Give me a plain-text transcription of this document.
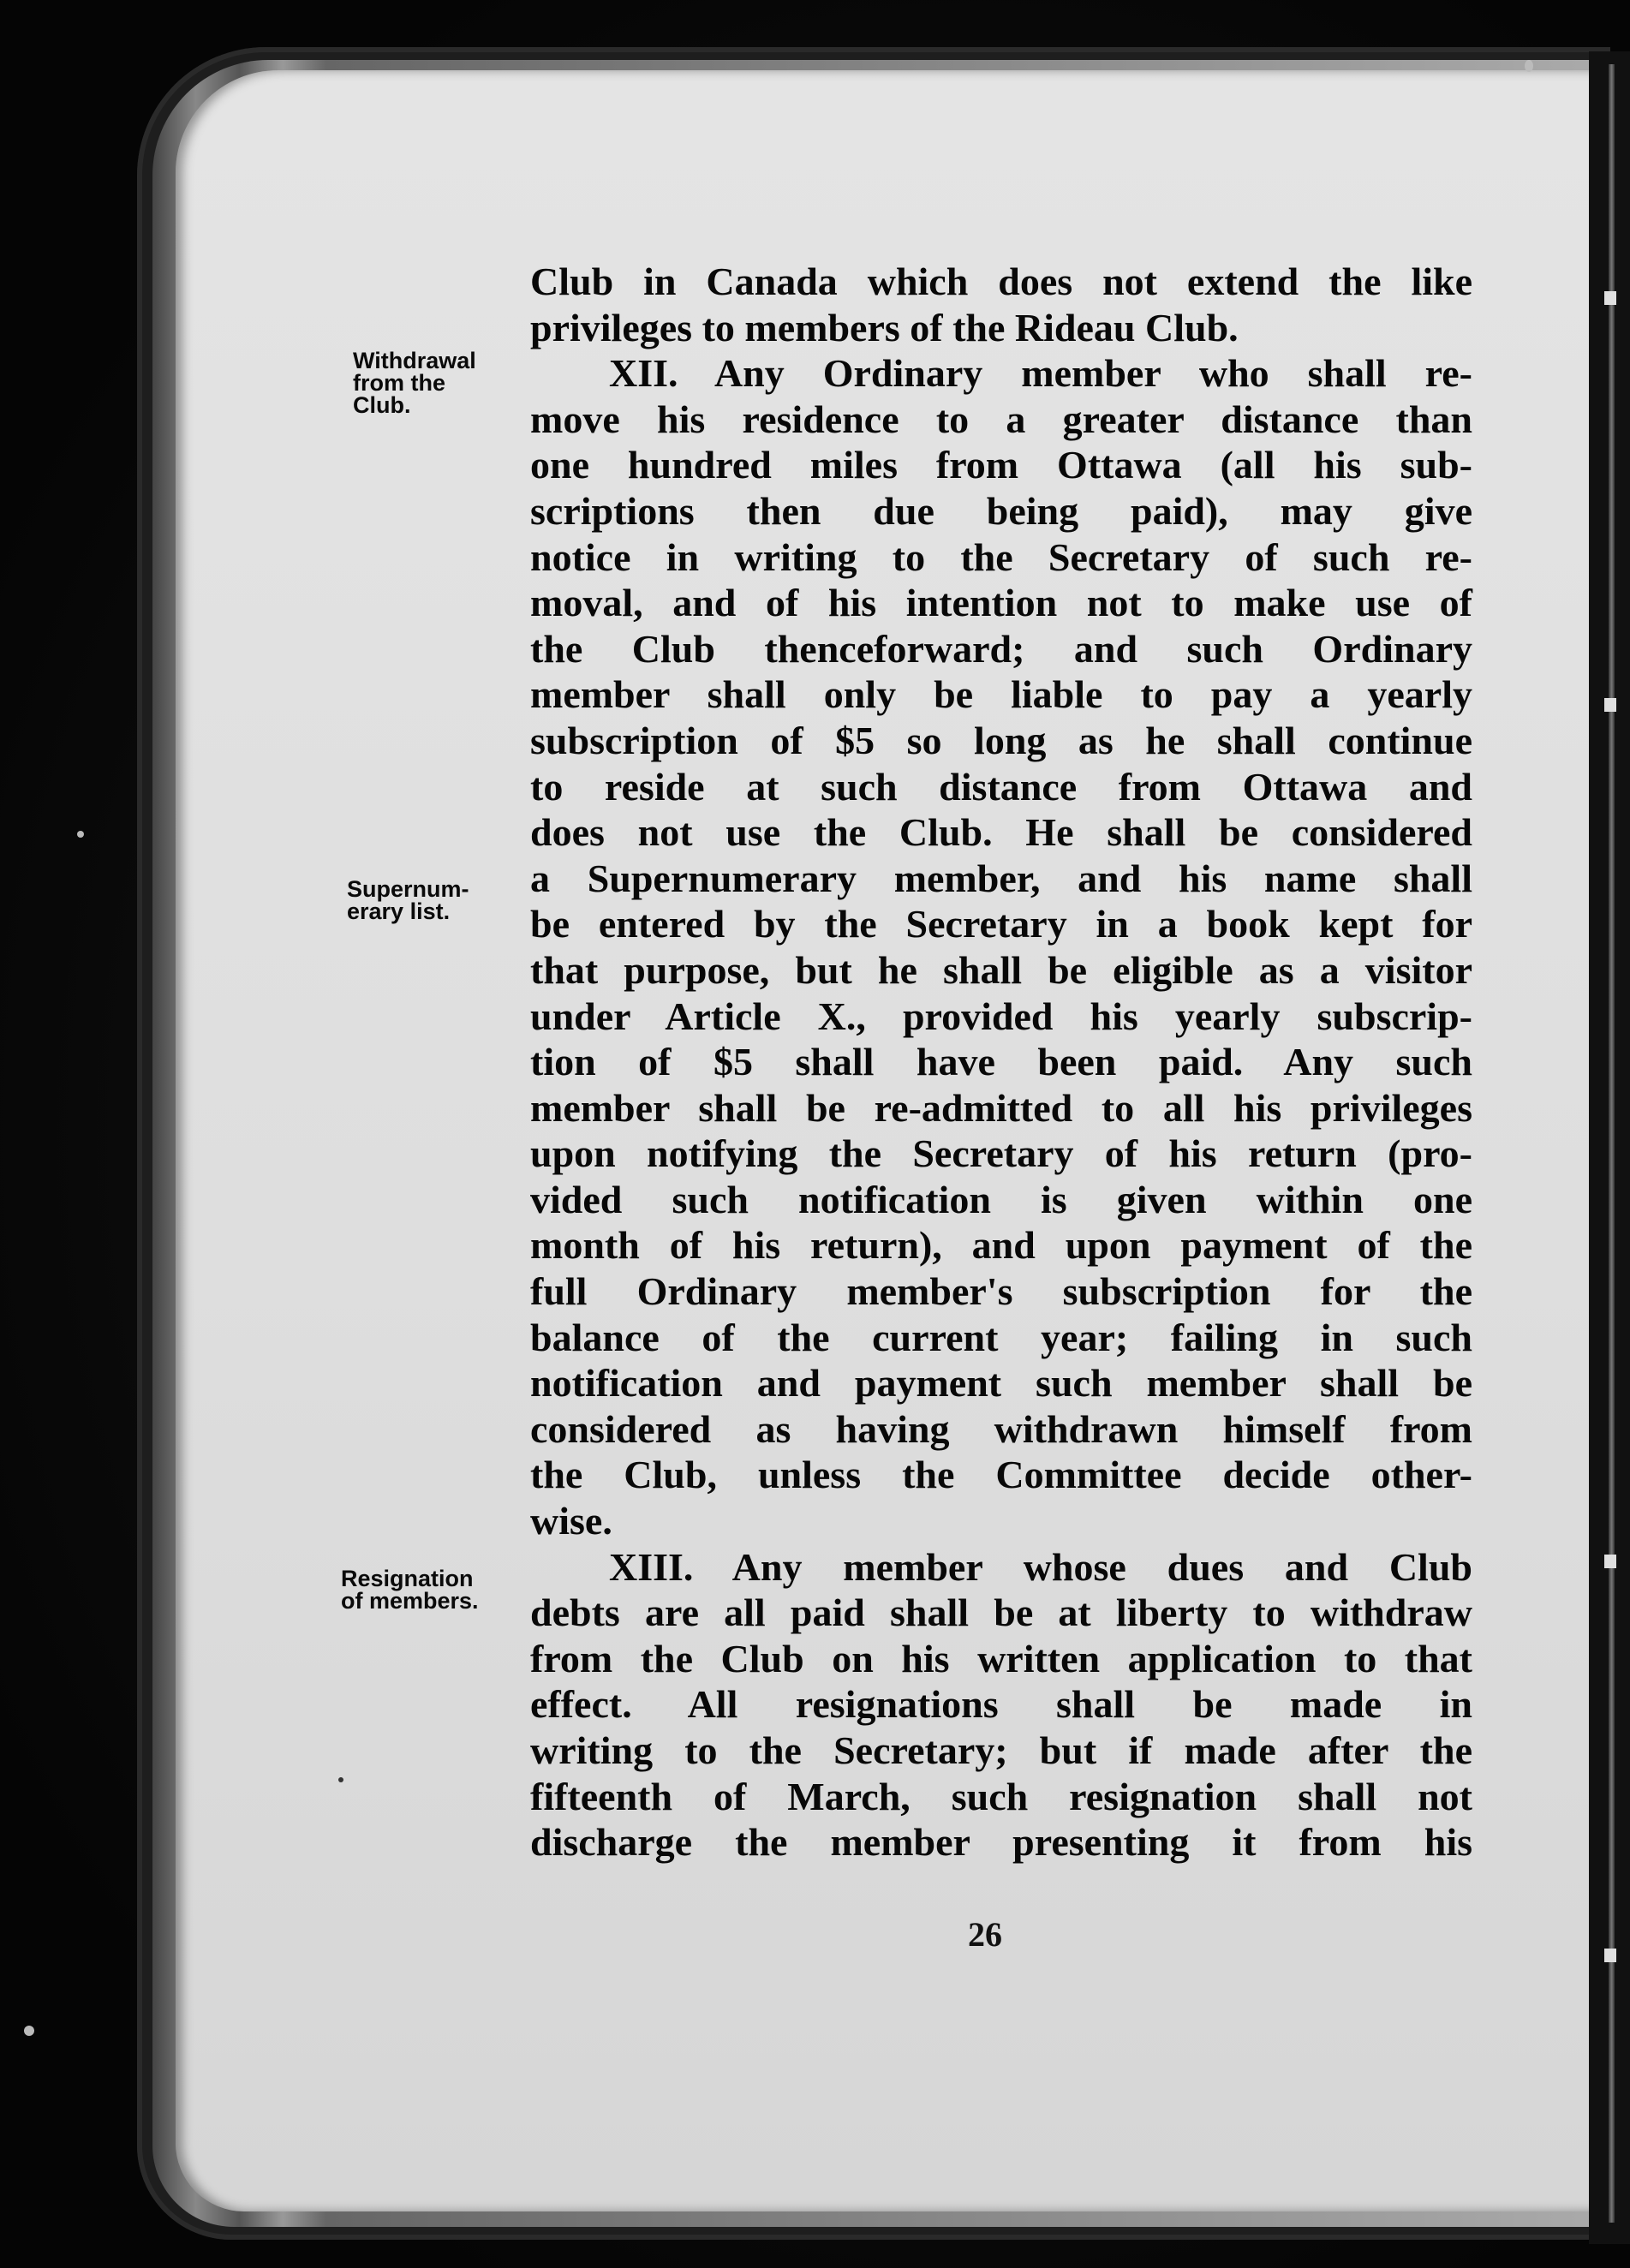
Withdrawal
from the
Club.
Supernum-
erary list.
Resignation
of members.
Club in Canada which does not extend the like
privileges to members of the Rideau Club.
XII. Any Ordinary member who shall re-
move his residence to a greater distance than
one hundred miles from Ottawa (all his sub-
scriptions then due being paid), may give
notice in writing to the Secretary of such re-
moval, and of his intention not to make use of
the Club thenceforward; and such Ordinary
member shall only be liable to pay a yearly
subscription of $5 so long as he shall continue
to reside at such distance from Ottawa and
does not use the Club. He shall be considered
a Supernumerary member, and his name shall
be entered by the Secretary in a book kept for
that purpose, but he shall be eligible as a visitor
under Article X., provided his yearly subscrip-
tion of $5 shall have been paid. Any such
member shall be re-admitted to all his privileges
upon notifying the Secretary of his return (pro-
vided such notification is given within one
month of his return), and upon payment of the
full Ordinary member's subscription for the
balance of the current year; failing in such
notification and payment such member shall be
considered as having withdrawn himself from
the Club, unless the Committee decide other-
wise.
XIII. Any member whose dues and Club
debts are all paid shall be at liberty to withdraw
from the Club on his written application to that
effect. All resignations shall be made in
writing to the Secretary; but if made after the
fifteenth of March, such resignation shall not
discharge the member presenting it from his
26
